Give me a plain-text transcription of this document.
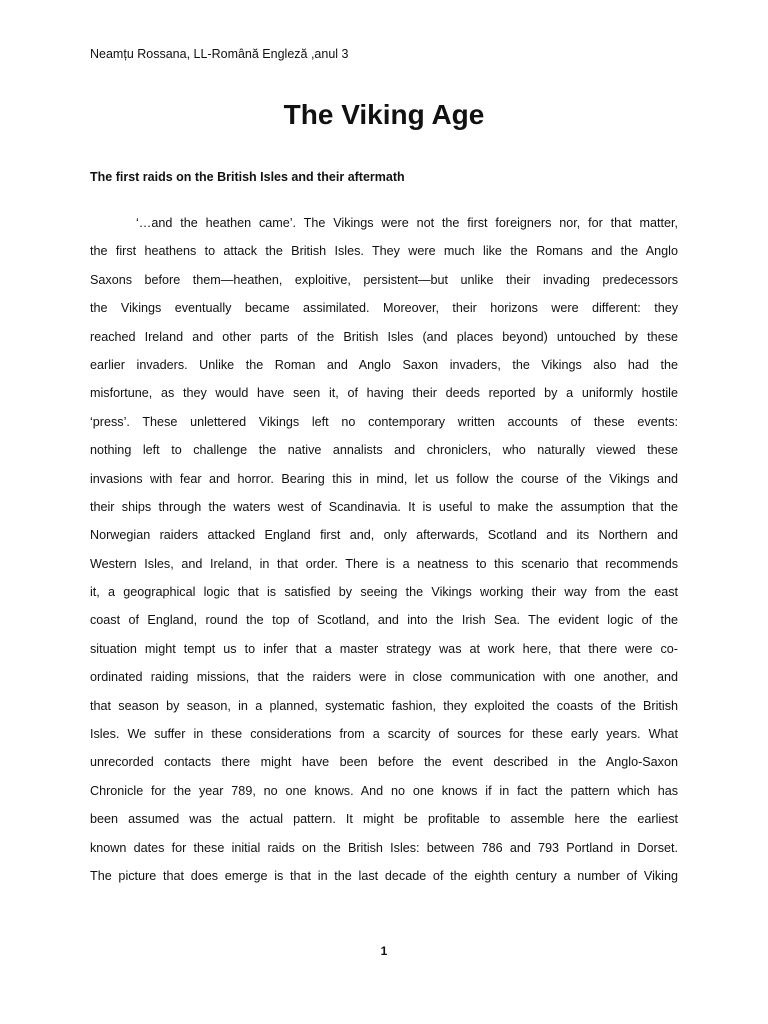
Neamțu Rossana, LL-Română Engleză ,anul 3
The Viking Age
The first raids on the British Isles and their aftermath
‘…and the heathen came’. The Vikings were not the first foreigners nor, for that matter,
the first heathens to attack the British Isles. They were much like the Romans and the Anglo
Saxons before them—heathen, exploitive, persistent—but unlike their invading predecessors
the Vikings eventually became assimilated. Moreover, their horizons were different: they
reached Ireland and other parts of the British Isles (and places beyond) untouched by these
earlier invaders. Unlike the Roman and Anglo Saxon invaders, the Vikings also had the
misfortune, as they would have seen it, of having their deeds reported by a uniformly hostile
‘press’. These unlettered Vikings left no contemporary written accounts of these events:
nothing left to challenge the native annalists and chroniclers, who naturally viewed these
invasions with fear and horror. Bearing this in mind, let us follow the course of the Vikings and
their ships through the waters west of Scandinavia. It is useful to make the assumption that the
Norwegian raiders attacked England first and, only afterwards, Scotland and its Northern and
Western Isles, and Ireland, in that order. There is a neatness to this scenario that recommends
it, a geographical logic that is satisfied by seeing the Vikings working their way from the east
coast of England, round the top of Scotland, and into the Irish Sea. The evident logic of the
situation might tempt us to infer that a master strategy was at work here, that there were co-
ordinated raiding missions, that the raiders were in close communication with one another, and
that season by season, in a planned, systematic fashion, they exploited the coasts of the British
Isles. We suffer in these considerations from a scarcity of sources for these early years. What
unrecorded contacts there might have been before the event described in the Anglo-Saxon
Chronicle for the year 789, no one knows. And no one knows if in fact the pattern which has
been assumed was the actual pattern. It might be profitable to assemble here the earliest
known dates for these initial raids on the British Isles: between 786 and 793 Portland in Dorset.
The picture that does emerge is that in the last decade of the eighth century a number of Viking
1
